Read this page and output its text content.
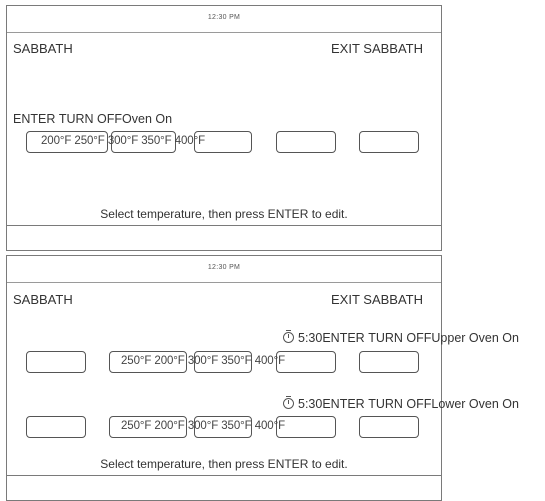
12:30 PM
SABBATH	EXIT SABBATH
ENTER TURN OFFOven On
200°F 250°F 300°F 350°F 400°F
Select temperature, then press ENTER to edit.
12:30 PM
SABBATH	EXIT SABBATH
5:30ENTER TURN OFFUpper Oven On
250°F 200°F 300°F 350°F 400°F
5:30ENTER TURN OFFLower Oven On
250°F 200°F 300°F 350°F 400°F
Select temperature, then press ENTER to edit.
